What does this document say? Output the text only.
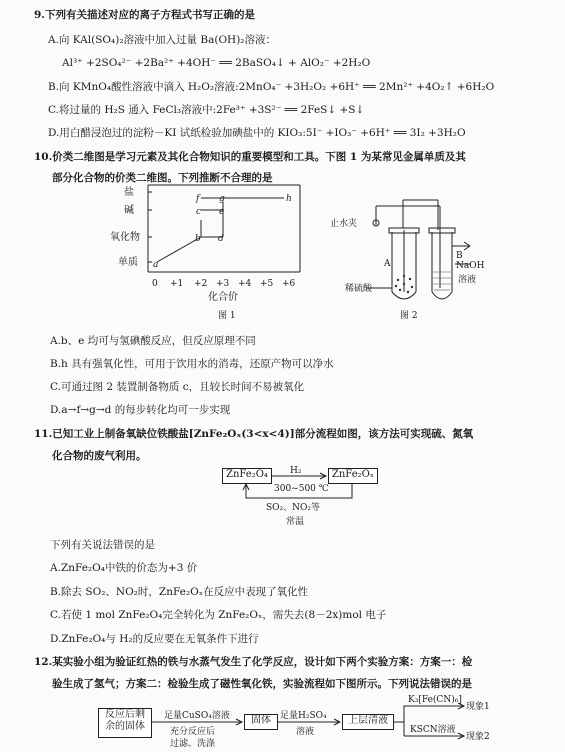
9.下列有关描述对应的离子方程式书写正确的是
A.向 KAl(SO₄)₂溶液中加入过量 Ba(OH)₂溶液：
Al³⁺ +2SO₄²⁻ +2Ba²⁺ +4OH⁻ ══ 2BaSO₄↓ + AlO₂⁻ +2H₂O
B.向 KMnO₄酸性溶液中滴入 H₂O₂溶液:2MnO₄⁻ +3H₂O₂ +6H⁺ ══ 2Mn²⁺ +4O₂↑ +6H₂O
C.将过量的 H₂S 通入 FeCl₃溶液中:2Fe³⁺ +3S²⁻ ══ 2FeS↓ +S↓
D.用白醋浸泡过的淀粉－KI 试纸检验加碘盐中的 KIO₃:5I⁻ +IO₃⁻ +6H⁺ ══ 3I₂ +3H₂O
10.价类二维图是学习元素及其化合物知识的重要模型和工具。下图 1 为某常见金属单质及其
部分化合物的价类二维图。下列推断不合理的是
盐
碱
氧化物
单质
0 +1 +2 +3 +4 +5 +6
化合价
图 1
a
b
c
d
e
f g	h
止水夹
稀硫酸
NaOH
溶液
A
B
图 2
A.b、e 均可与氢碘酸反应，但反应原理不同
B.h 具有强氧化性，可用于饮用水的消毒，还原产物可以净水
C.可通过图 2 装置制备物质 c，且较长时间不易被氧化
D.a→f→g→d 的每步转化均可一步实现
11.已知工业上制备氧缺位铁酸盐[ZnFe₂Oₓ(3<x<4)]部分流程如图，该方法可实现硫、氮氧
化合物的废气利用。
ZnFe₂O₄	ZnFe₂Oₓ
H₂
300~500 ℃
SO₂、NO₂等
常温
下列有关说法错误的是
A.ZnFe₂O₄中铁的价态为+3 价
B.除去 SO₂、NO₂时，ZnFe₂Oₓ在反应中表现了氧化性
C.若使 1 mol ZnFe₂O₄完全转化为 ZnFe₂Oₓ，需失去(8－2x)mol 电子
D.ZnFe₂O₄与 H₂的反应要在无氧条件下进行
12.某实验小组为验证红热的铁与水蒸气发生了化学反应，设计如下两个实验方案：方案一：检
验生成了氢气；方案二：检验生成了磁性氧化铁，实验流程如下图所示。下列说法错误的是
反应后剩
余的固体
固体	上层清液
足量CuSO₄溶液
充分反应后
过滤、洗涤
足量H₂SO₄
溶液
K₃[Fe(CN)₆]
现象1
KSCN溶液
现象2
